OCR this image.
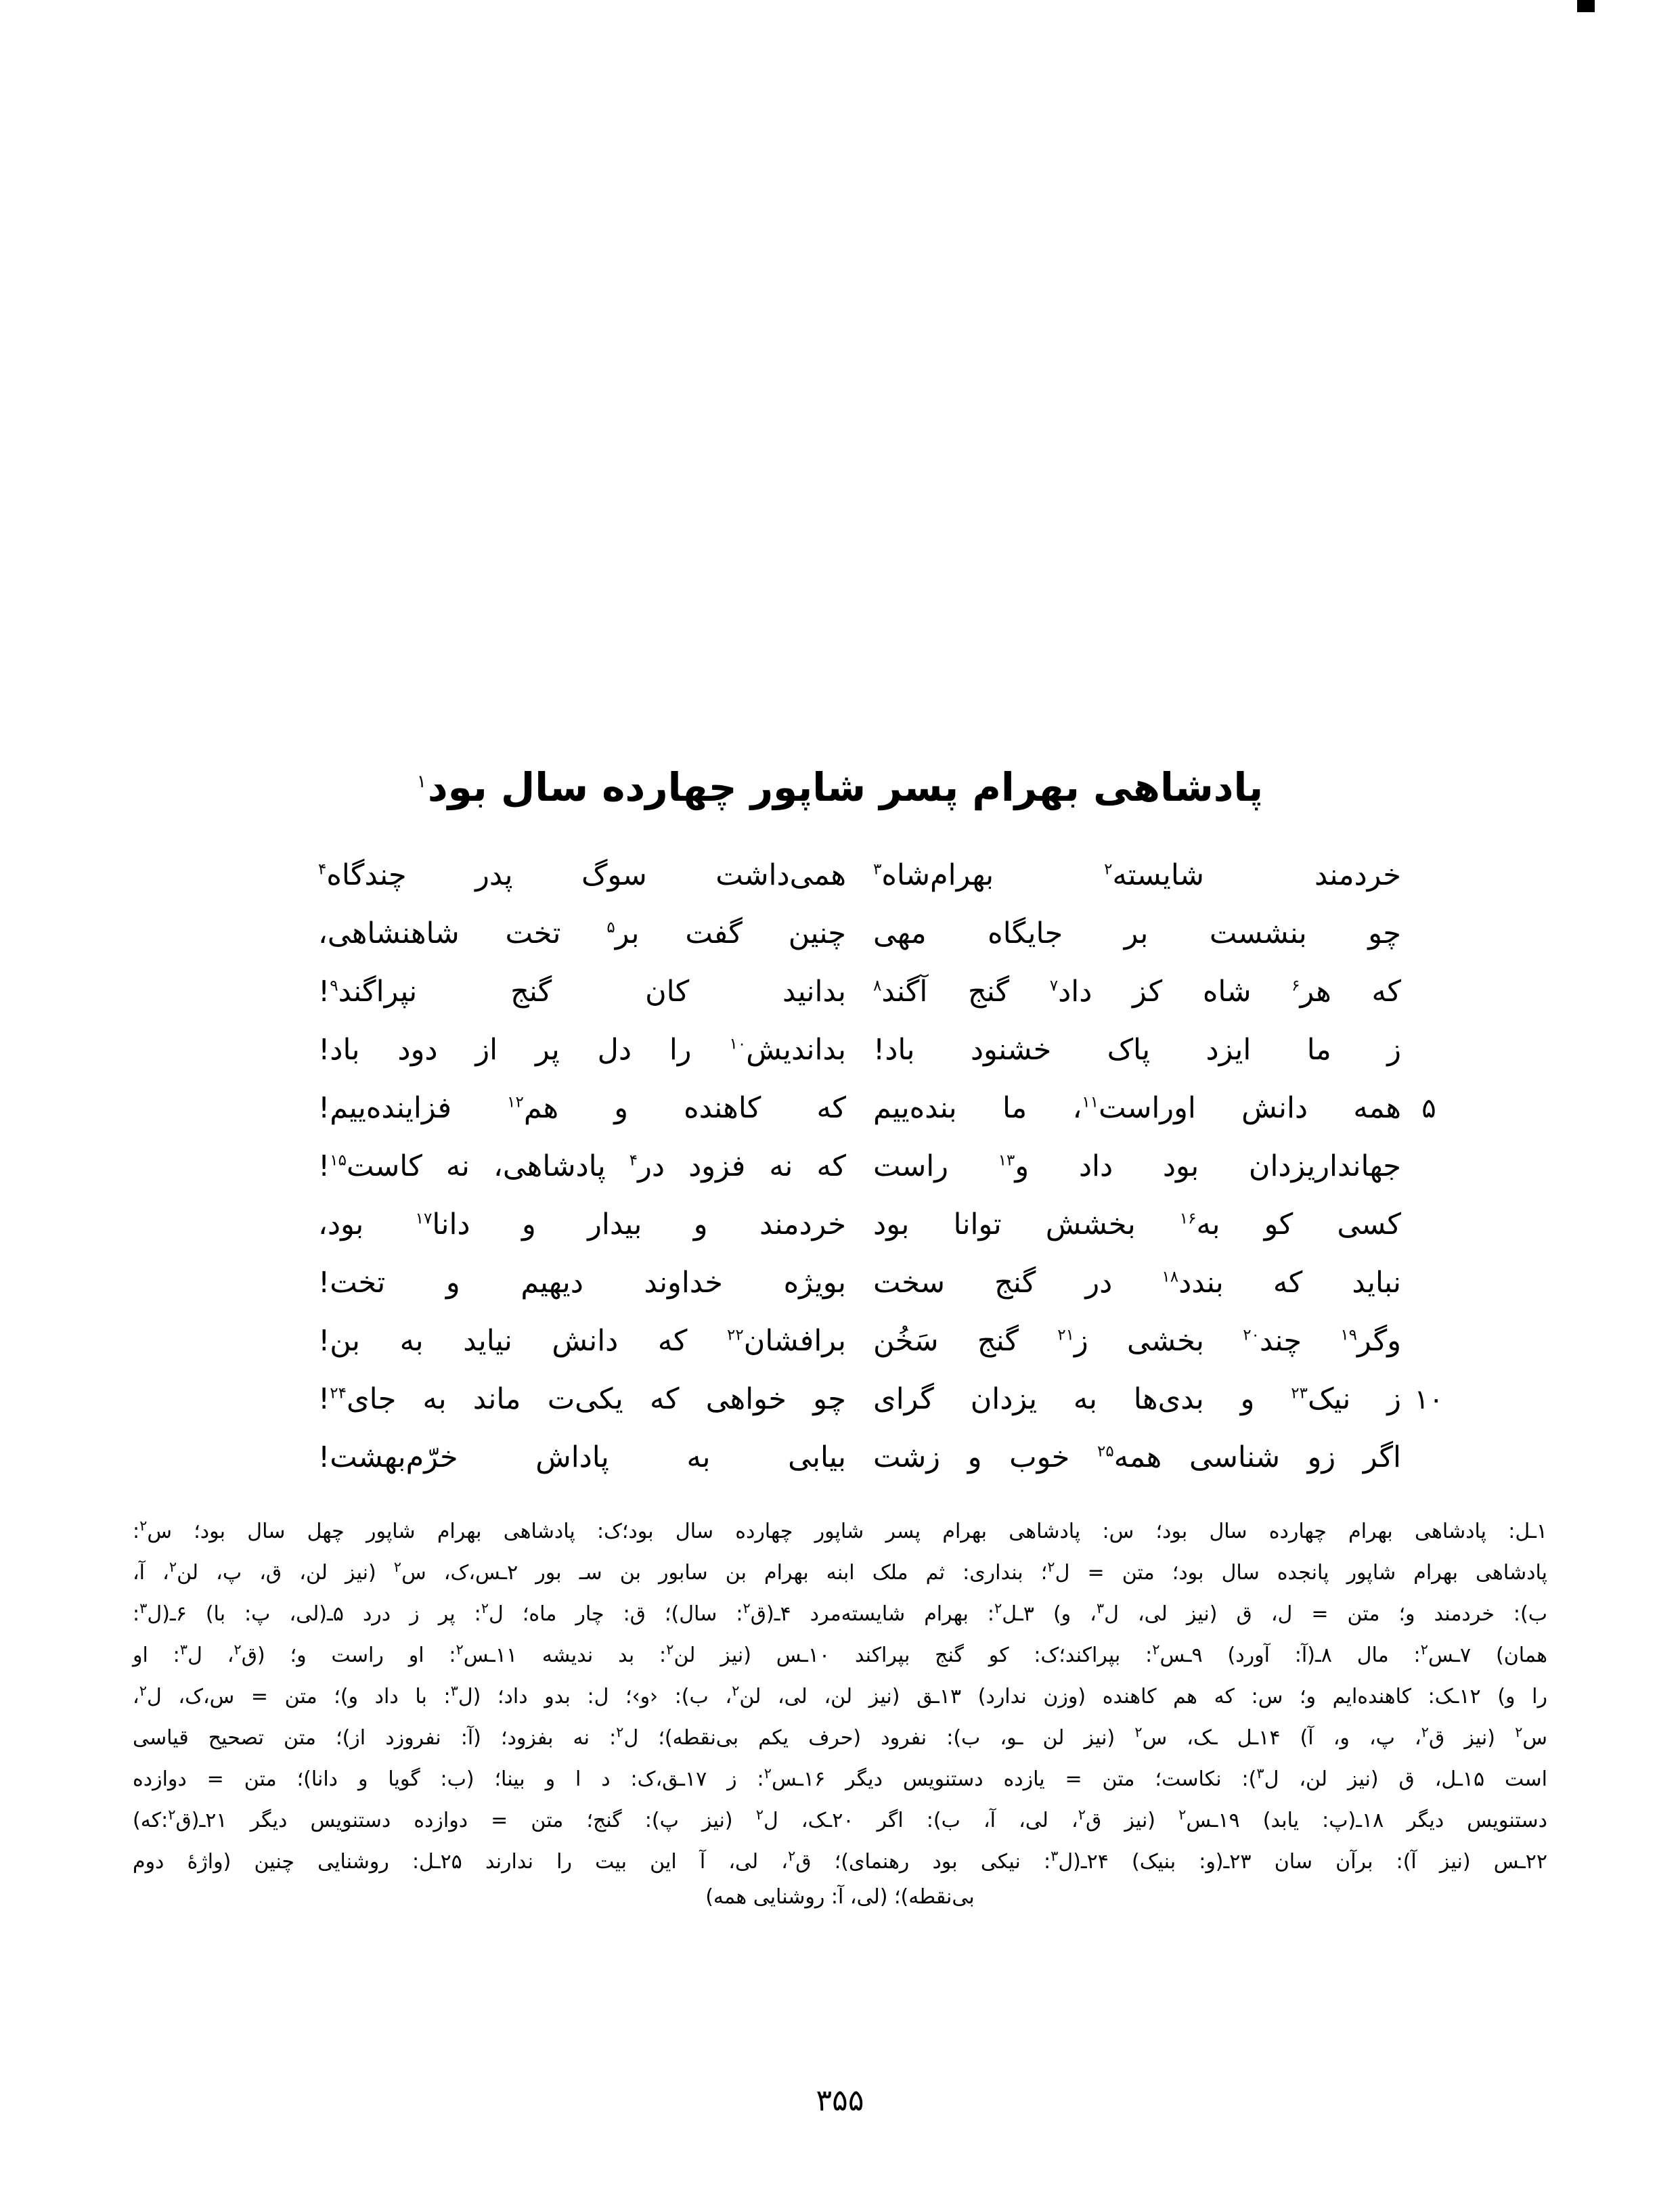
پادشاهی بهرام پسر شاپور چهارده سال بود$^۱$
خردمند
شایسته$^۲$
بهرام‌شاه$^۳$
همی‌داشت
سوگ
پدر
چندگاه$^۴$
چو
بنشست
بر
جایگاه
مهی
چنین
گفت
بر$^۵$
تخت
شاهنشاهی،
که
هر$^۶$
شاه
کز
داد$^۷$
گنج
آگند$^۸$
بدانید
کان
گنج
نپراگند$^۹$!
ز
ما
ایزد
پاک
خشنود
باد!
بداندیش$^{۱۰}$
را
دل
پر
از
دود
باد!
۵
همه
دانش
اوراست$^{۱۱}$،
ما
بنده‌ییم
که
کاهنده
و
هم$^{۱۲}$
فزاینده‌ییم!
جهاندار‌یزدان
بود
داد
و$^{۱۳}$
راست
که
نه
فزود
در$^۴$
پادشاهی،
نه
کاست$^{۱۵}$!
کسی
کو
به$^{۱۶}$
بخشش
توانا
بود
خردمند
و
بیدار
و
دانا$^{۱۷}$
بود،
نباید
که
بندد$^{۱۸}$
در
گنج
سخت
بویژه
خداوند
دیهیم
و
تخت!
وگر$^{۱۹}$
چند$^{۲۰}$
بخشی
ز$^{۲۱}$
گنج
سَخُن
برافشان$^{۲۲}$
که
دانش
نیاید
به
بن!
۱۰
ز
نیک$^{۲۳}$
و
بدی‌ها
به
یزدان
گرای
چو
خواهی
که
یکی‌ت
ماند
به
جای$^{۲۴}$!
اگر
زو
شناسی
همه$^{۲۵}$
خوب
و
زشت
بیابی
به
پاداش
خرّم‌بهشت!
۱ـل: پادشاهی بهرام چهارده سال بود؛ س: پادشاهی بهرام پسر شاپور چهارده سال بود؛ک: پادشاهی بهرام شاپور چهل سال بود؛ س$^۲$:
پادشاهی بهرام شاپور پانجده سال بود؛ متن = ل$^۲$؛ بنداری: ثم ملک ابنه بهرام بن سابور بن سـ بور ۲ـس،ک، س$^۲$ (نیز لن، ق، پ، لن$^۲$، آ،
ب): خردمند و؛ متن = ل، ق (نیز لی، ل$^۳$، و) ۳ـل$^۲$: بهرام شایسته‌مرد ۴ـ(ق$^۲$: سال)؛ ق: چار ماه؛ ل$^۲$: پر ز درد ۵ـ(لی، پ: با) ۶ـ(ل$^۳$:
همان) ۷ـس$^۲$: مال ۸ـ(آ: آورد) ۹ـس$^۲$: بپراکند؛ک: کو گنج بپراکند ۱۰ـس (نیز لن$^۲$: بد ندیشه ۱۱ـس$^۲$: او راست و؛ (ق$^۲$، ل$^۳$: او
را و) ۱۲ـک: کاهنده‌ایم و؛ س: که هم کاهنده (وزن ندارد) ۱۳ـق (نیز لن، لی، لن$^۲$، ب): ‹و›؛ ل: بدو داد؛ (ل$^۳$: با داد و)؛ متن = س،ک، ل$^۲$،
س$^۲$ (نیز ق$^۲$، پ، و، آ) ۱۴ـل ـک، س$^۲$ (نیز لن ـو، ب): نفرود (حرف یکم بی‌نقطه)؛ ل$^۲$: نه بفزود؛ (آ: نفروزد از)؛ متن تصحیح قیاسی
است ۱۵ـل، ق (نیز لن، ل$^۳$): نکاست؛ متن = یازده دستنویس دیگر ۱۶ـس$^۲$: ز ۱۷ـق،ک: د ا و بینا؛ (ب: گویا و دانا)؛ متن = دوازده
دستنویس دیگر ۱۸ـ(پ: یابد) ۱۹ـس$^۲$ (نیز ق$^۲$، لی، آ، ب): اگر ۲۰ـک، ل$^۲$ (نیز پ): گنج؛ متن = دوازده دستنویس دیگر ۲۱ـ(ق$^۲$:که)
۲۲ـس (نیز آ): برآن سان ۲۳ـ(و: بنیک) ۲۴ـ(ل$^۳$: نیکی بود رهنمای)؛ ق$^۲$، لی، آ این بیت را ندارند ۲۵ـل: روشنایی چنین (واژهٔ دوم
بی‌نقطه)؛ (لی، آ: روشنایی همه)
۳۵۵
